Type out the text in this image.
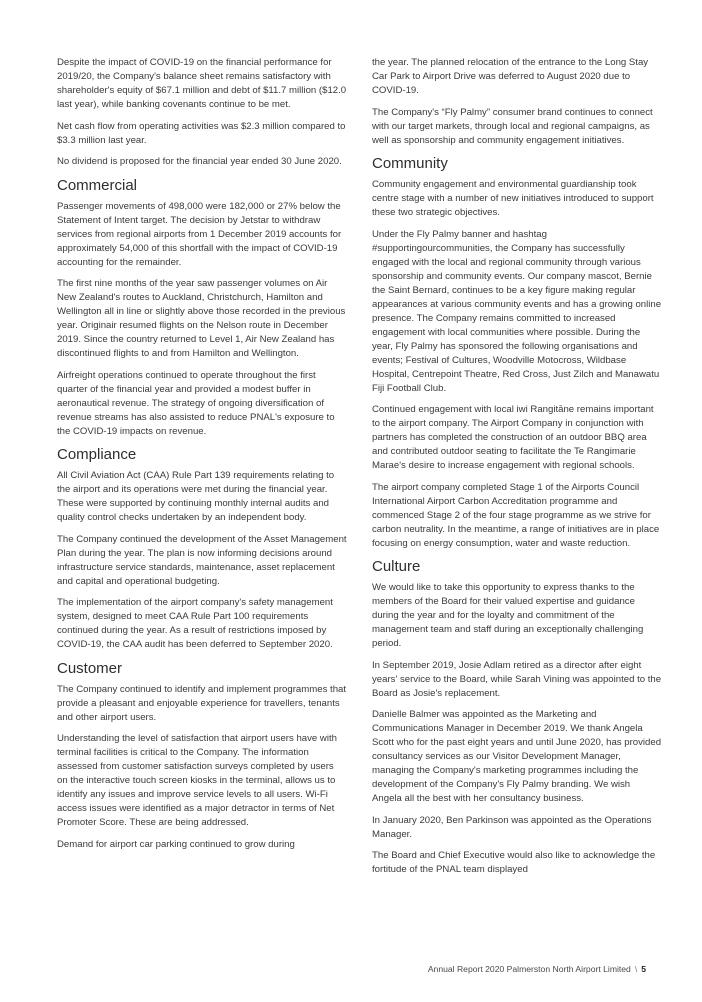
Despite the impact of COVID-19 on the financial performance for 2019/20, the Company's balance sheet remains satisfactory with shareholder's equity of $67.1 million and debt of $11.7 million ($12.0 last year), while banking covenants continue to be met.

Net cash flow from operating activities was $2.3 million compared to $3.3 million last year.

No dividend is proposed for the financial year ended 30 June 2020.

Commercial

Passenger movements of 498,000 were 182,000 or 27% below the Statement of Intent target. The decision by Jetstar to withdraw services from regional airports from 1 December 2019 accounts for approximately 54,000 of this shortfall with the impact of COVID-19 accounting for the remainder.

The first nine months of the year saw passenger volumes on Air New Zealand's routes to Auckland, Christchurch, Hamilton and Wellington all in line or slightly above those recorded in the previous year. Originair resumed flights on the Nelson route in December 2019. Since the country returned to Level 1, Air New Zealand has discontinued flights to and from Hamilton and Wellington.

Airfreight operations continued to operate throughout the first quarter of the financial year and provided a modest buffer in aeronautical revenue. The strategy of ongoing diversification of revenue streams has also assisted to reduce PNAL's exposure to the COVID-19 impacts on revenue.

Compliance

All Civil Aviation Act (CAA) Rule Part 139 requirements relating to the airport and its operations were met during the financial year. These were supported by continuing monthly internal audits and quality control checks undertaken by an independent body.

The Company continued the development of the Asset Management Plan during the year. The plan is now informing decisions around infrastructure service standards, maintenance, asset replacement and capital and operational budgeting.

The implementation of the airport company's safety management system, designed to meet CAA Rule Part 100 requirements continued during the year. As a result of restrictions imposed by COVID-19, the CAA audit has been deferred to September 2020.

Customer

The Company continued to identify and implement programmes that provide a pleasant and enjoyable experience for travellers, tenants and other airport users.

Understanding the level of satisfaction that airport users have with terminal facilities is critical to the Company. The information assessed from customer satisfaction surveys completed by users on the interactive touch screen kiosks in the terminal, allows us to identify any issues and improve service levels to all users. Wi-Fi access issues were identified as a major detractor in terms of Net Promoter Score. These are being addressed.

Demand for airport car parking continued to grow during

the year. The planned relocation of the entrance to the Long Stay Car Park to Airport Drive was deferred to August 2020 due to COVID-19.

The Company's “Fly Palmy” consumer brand continues to connect with our target markets, through local and regional campaigns, as well as sponsorship and community engagement initiatives.

Community

Community engagement and environmental guardianship took centre stage with a number of new initiatives introduced to support these two strategic objectives.

Under the Fly Palmy banner and hashtag #supportingourcommunities, the Company has successfully engaged with the local and regional community through various sponsorship and community events. Our company mascot, Bernie the Saint Bernard, continues to be a key figure making regular appearances at various community events and has a growing online presence. The Company remains committed to increased engagement with local communities where possible. During the year, Fly Palmy has sponsored the following organisations and events; Festival of Cultures, Woodville Motocross, Wildbase Hospital, Centrepoint Theatre, Red Cross, Just Zilch and Manawatu Fiji Football Club.

Continued engagement with local iwi Rangitāne remains important to the airport company. The Airport Company in conjunction with partners has completed the construction of an outdoor BBQ area and contributed outdoor seating to facilitate the Te Rangimarie Marae's desire to increase engagement with regional schools.

The airport company completed Stage 1 of the Airports Council International Airport Carbon Accreditation programme and commenced Stage 2 of the four stage programme as we strive for carbon neutrality. In the meantime, a range of initiatives are in place focusing on energy consumption, water and waste reduction.

Culture

We would like to take this opportunity to express thanks to the members of the Board for their valued expertise and guidance during the year and for the loyalty and commitment of the management team and staff during an exceptionally challenging period.

In September 2019, Josie Adlam retired as a director after eight years' service to the Board, while Sarah Vining was appointed to the Board as Josie's replacement.

Danielle Balmer was appointed as the Marketing and Communications Manager in December 2019. We thank Angela Scott who for the past eight years and until June 2020, has provided consultancy services as our Visitor Development Manager, managing the Company's marketing programmes including the development of the Company's Fly Palmy branding. We wish Angela all the best with her consultancy business.

In January 2020, Ben Parkinson was appointed as the Operations Manager.

The Board and Chief Executive would also like to acknowledge the fortitude of the PNAL team displayed

Annual Report 2020 Palmerston North Airport Limited \ 5
